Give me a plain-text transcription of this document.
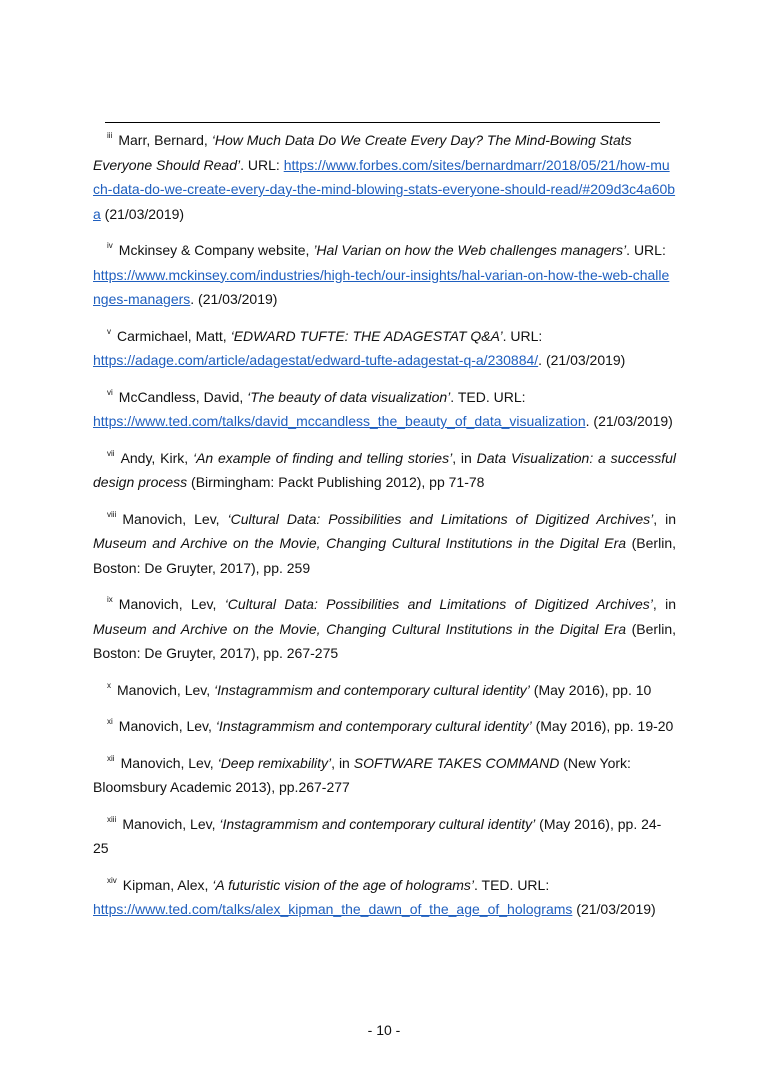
iii Marr, Bernard, ‘How Much Data Do We Create Every Day? The Mind-Bowing Stats Everyone Should Read’. URL: https://www.forbes.com/sites/bernardmarr/2018/05/21/how-much-data-do-we-create-every-day-the-mind-blowing-stats-everyone-should-read/#209d3c4a60ba (21/03/2019)

iv Mckinsey & Company website, ’Hal Varian on how the Web challenges managers’. URL: https://www.mckinsey.com/industries/high-tech/our-insights/hal-varian-on-how-the-web-challenges-managers. (21/03/2019)

v Carmichael, Matt, ‘EDWARD TUFTE: THE ADAGESTAT Q&A’. URL: https://adage.com/article/adagestat/edward-tufte-adagestat-q-a/230884/. (21/03/2019)

vi McCandless, David, ‘The beauty of data visualization’. TED. URL: https://www.ted.com/talks/david_mccandless_the_beauty_of_data_visualization. (21/03/2019)

vii Andy, Kirk, ‘An example of finding and telling stories’, in Data Visualization: a successful design process (Birmingham: Packt Publishing 2012), pp 71-78

viii Manovich, Lev, ‘Cultural Data: Possibilities and Limitations of Digitized Archives’, in Museum and Archive on the Movie, Changing Cultural Institutions in the Digital Era (Berlin, Boston: De Gruyter, 2017), pp. 259

ix Manovich, Lev, ‘Cultural Data: Possibilities and Limitations of Digitized Archives’, in Museum and Archive on the Movie, Changing Cultural Institutions in the Digital Era (Berlin, Boston: De Gruyter, 2017), pp. 267-275

x Manovich, Lev, ‘Instagrammism and contemporary cultural identity’ (May 2016), pp. 10

xi Manovich, Lev, ‘Instagrammism and contemporary cultural identity’ (May 2016), pp. 19-20

xii Manovich, Lev, ‘Deep remixability’, in SOFTWARE TAKES COMMAND (New York: Bloomsbury Academic 2013), pp.267-277

xiii Manovich, Lev, ‘Instagrammism and contemporary cultural identity’ (May 2016), pp. 24-25

xiv Kipman, Alex, ‘A futuristic vision of the age of holograms’. TED. URL: https://www.ted.com/talks/alex_kipman_the_dawn_of_the_age_of_holograms (21/03/2019)

- 10 -
